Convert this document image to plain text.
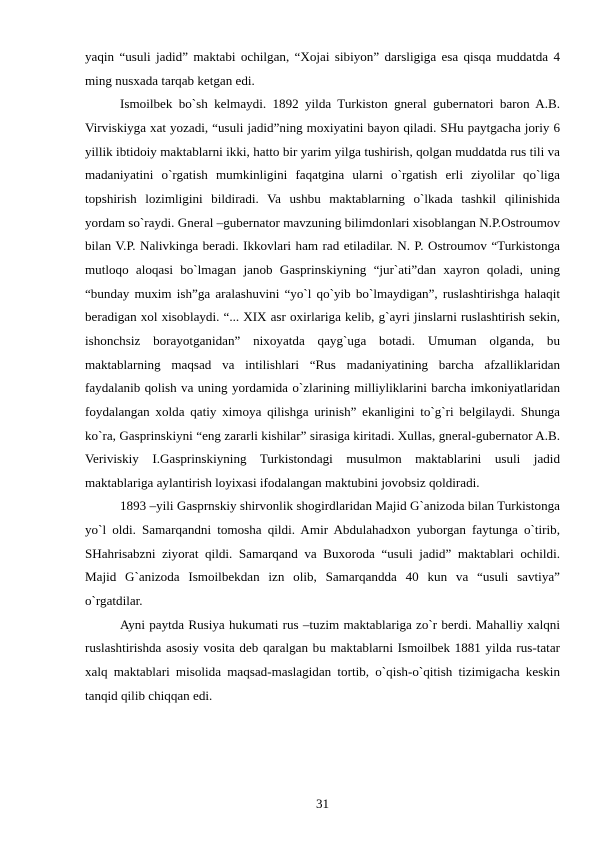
yaqin “usuli jadid” maktabi ochilgan, “Xojai sibiyon” darsligiga esa qisqa muddatda 4 ming nusxada tarqab ketgan edi.

Ismoilbek bo`sh kelmaydi. 1892 yilda Turkiston gneral gubernatori baron A.B. Virviskiyga xat yozadi, “usuli jadid”ning moxiyatini bayon qiladi. SHu paytgacha joriy 6 yillik ibtidoiy maktablarni ikki, hatto bir yarim yilga tushirish, qolgan muddatda rus tili va madaniyatini o`rgatish mumkinligini faqatgina ularni o`rgatish erli ziyolilar qo`liga topshirish lozimligini bildiradi. Va ushbu maktablarning o`lkada tashkil qilinishida yordam so`raydi. Gneral –gubernator mavzuning bilimdonlari xisoblangan N.P.Ostroumov bilan V.P. Nalivkinga beradi. Ikkovlari ham rad etiladilar. N. P. Ostroumov “Turkistonga mutloqo aloqasi bo`lmagan janob Gasprinskiyning “jur`ati”dan xayron qoladi, uning “bunday muxim ish”ga aralashuvini “yo`l qo`yib bo`lmaydigan”, ruslashtirishga halaqit beradigan xol xisoblaydi. “... XIX asr oxirlariga kelib, g`ayri jinslarni ruslashtirish sekin, ishonchsiz borayotganidan” nixoyatda qayg`uga botadi. Umuman olganda, bu maktablarning maqsad va intilishlari “Rus madaniyatining barcha afzalliklaridan faydalanib qolish va uning yordamida o`zlarining milliyliklarini barcha imkoniyatlaridan foydalangan xolda qatiy ximoya qilishga urinish” ekanligini to`g`ri belgilaydi. Shunga ko`ra, Gasprinskiyni “eng zararli kishilar” sirasiga kiritadi. Xullas, gneral-gubernator A.B. Veriviskiy I.Gasprinskiyning Turkistondagi musulmon maktablarini usuli jadid maktablariga aylantirish loyixasi ifodalangan maktubini jovobsiz qoldiradi.

1893 –yili Gasprnskiy shirvonlik shogirdlaridan Majid G`anizoda bilan Turkistonga yo`l oldi. Samarqandni tomosha qildi. Amir Abdulahadxon yuborgan faytunga o`tirib, SHahrisabzni ziyorat qildi. Samarqand va Buxoroda “usuli jadid” maktablari ochildi. Majid G`anizoda Ismoilbekdan izn olib, Samarqandda 40 kun va “usuli savtiya” o`rgatdilar.

Ayni paytda Rusiya hukumati rus –tuzim maktablariga zo`r berdi. Mahalliy xalqni ruslashtirishda asosiy vosita deb qaralgan bu maktablarni Ismoilbek 1881 yilda rus-tatar xalq maktablari misolida maqsad-maslagidan tortib, o`qish-o`qitish tizimigacha keskin tanqid qilib chiqqan edi.

31
